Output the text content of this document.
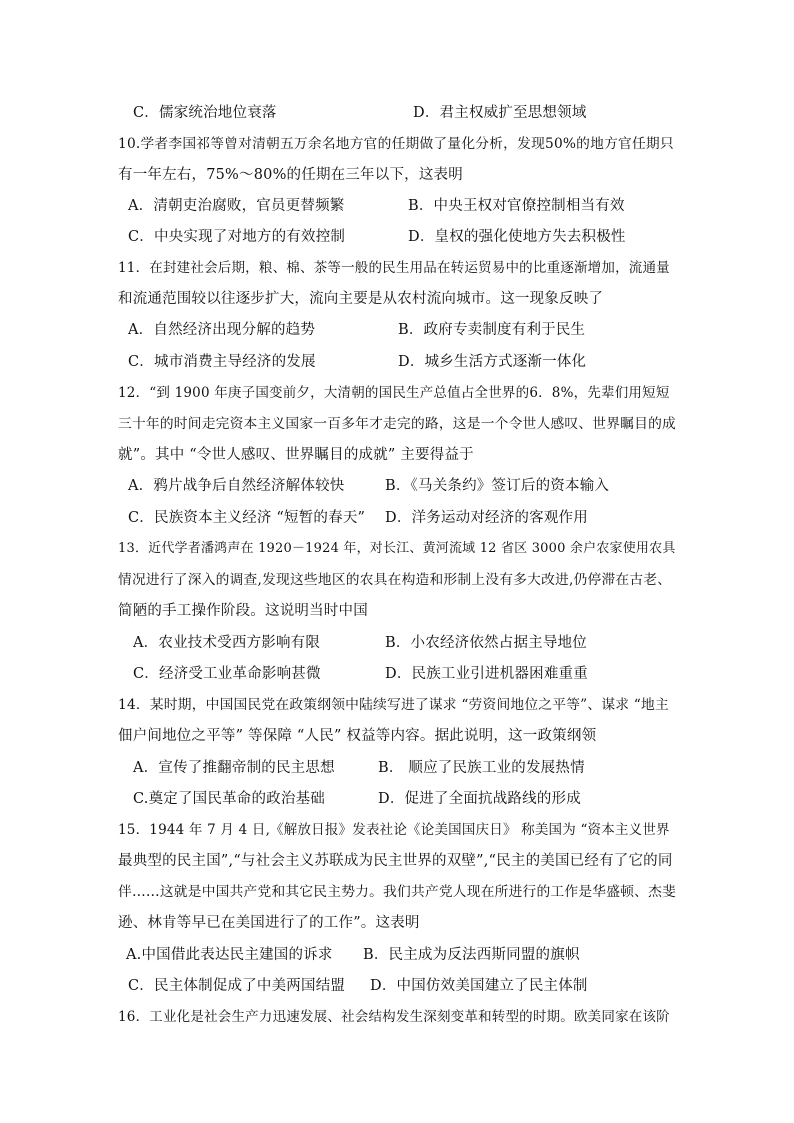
C．儒家统治地位衰落	D．君主权威扩至思想领域
10.学者李国祁等曾对清朝五万余名地方官的任期做了量化分析，发现50%的地方官任期只
有一年左右，75%～80%的任期在三年以下，这表明
A．清朝吏治腐败，官员更替频繁	B．中央王权对官僚控制相当有效
C．中央实现了对地方的有效控制	D．皇权的强化使地方失去积极性
11．在封建社会后期，粮、棉、茶等一般的民生用品在转运贸易中的比重逐渐增加，流通量
和流通范围较以往逐步扩大，流向主要是从农村流向城市。这一现象反映了
A．自然经济出现分解的趋势	B．政府专卖制度有利于民生
C．城市消费主导经济的发展	D．城乡生活方式逐渐一体化
12．“到 1900 年庚子国变前夕，大清朝的国民生产总值占全世界的6．8%，先辈们用短短
三十年的时间走完资本主义国家一百多年才走完的路，这是一个令世人感叹、世界瞩目的成
就”。其中 “令世人感叹、世界瞩目的成就” 主要得益于
A．鸦片战争后自然经济解体较快	B．《马关条约》签订后的资本输入
C．民族资本主义经济 “短暂的春天” D．洋务运动对经济的客观作用
13．近代学者潘鸿声在 1920－1924 年，对长江、黄河流域 12 省区 3000 余户农家使用农具
情况进行了深入的调查,发现这些地区的农具在构造和形制上没有多大改进,仍停滞在古老、
简陋的手工操作阶段。这说明当时中国
A．农业技术受西方影响有限	B．小农经济依然占据主导地位
C．经济受工业革命影响甚微	D．民族工业引进机器困难重重
14．某时期，中国国民党在政策纲领中陆续写进了谋求 “劳资间地位之平等”、谋求 “地主
佃户间地位之平等” 等保障 “人民” 权益等内容。据此说明，这一政策纲领
A．宣传了推翻帝制的民主思想	B． 顺应了民族工业的发展热情
C.奠定了国民革命的政治基础	D．促进了全面抗战路线的形成
15．1944 年 7 月 4 日,《解放日报》发表社论《论美国国庆日》 称美国为 “资本主义世界
最典型的民主国”,“与社会主义苏联成为民主世界的双壁”,“民主的美国已经有了它的同
伴……这就是中国共产党和其它民主势力。我们共产党人现在所进行的工作是华盛顿、杰斐
逊、林肯等早已在美国进行了的工作”。这表明
A.中国借此表达民主建国的诉求 B．民主成为反法西斯同盟的旗帜
C．民主体制促成了中美两国结盟 D．中国仿效美国建立了民主体制
16．工业化是社会生产力迅速发展、社会结构发生深刻变革和转型的时期。欧美同家在该阶
